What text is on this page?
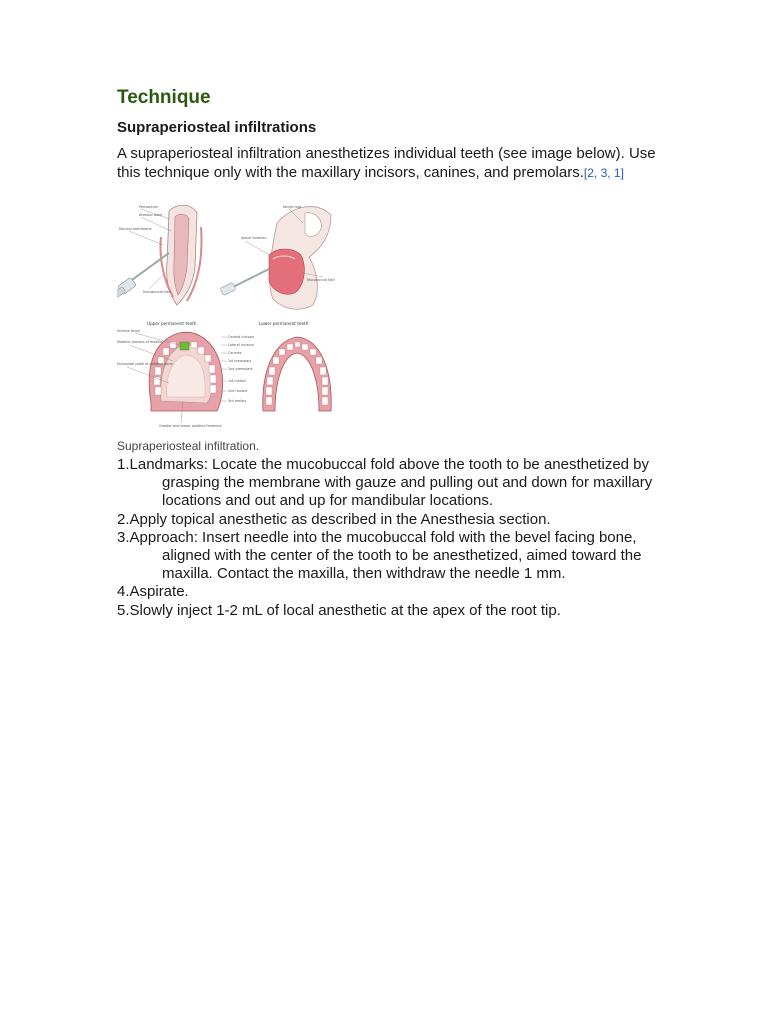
Technique
Supraperiosteal infiltrations

A supraperiosteal infiltration anesthetizes individual teeth (see image below). Use this technique only with the maxillary incisors, canines, and premolars.[2, 3, 1]

Periosteum
Alveolar bone
Mucous membrane
Mucobuccal fold
Nerve root
Apical foramen
Mucobuccal fold
Upper permanent teeth	Lower permanent teeth
Incisive fossa
Palatine process of maxilla
Horizontal plate of palatine bone
Greater and lesser palatine foramina
Central incisors
Lateral incisors
Canines
1st premolars
2nd premolars
1st molars
2nd molars
3rd molars

Supraperiosteal infiltration.

1.Landmarks: Locate the mucobuccal fold above the tooth to be anesthetized by grasping the membrane with gauze and pulling out and down for maxillary locations and out and up for mandibular locations.
2.Apply topical anesthetic as described in the Anesthesia section.
3.Approach: Insert needle into the mucobuccal fold with the bevel facing bone, aligned with the center of the tooth to be anesthetized, aimed toward the maxilla. Contact the maxilla, then withdraw the needle 1 mm.
4.Aspirate.
5.Slowly inject 1-2 mL of local anesthetic at the apex of the root tip.
